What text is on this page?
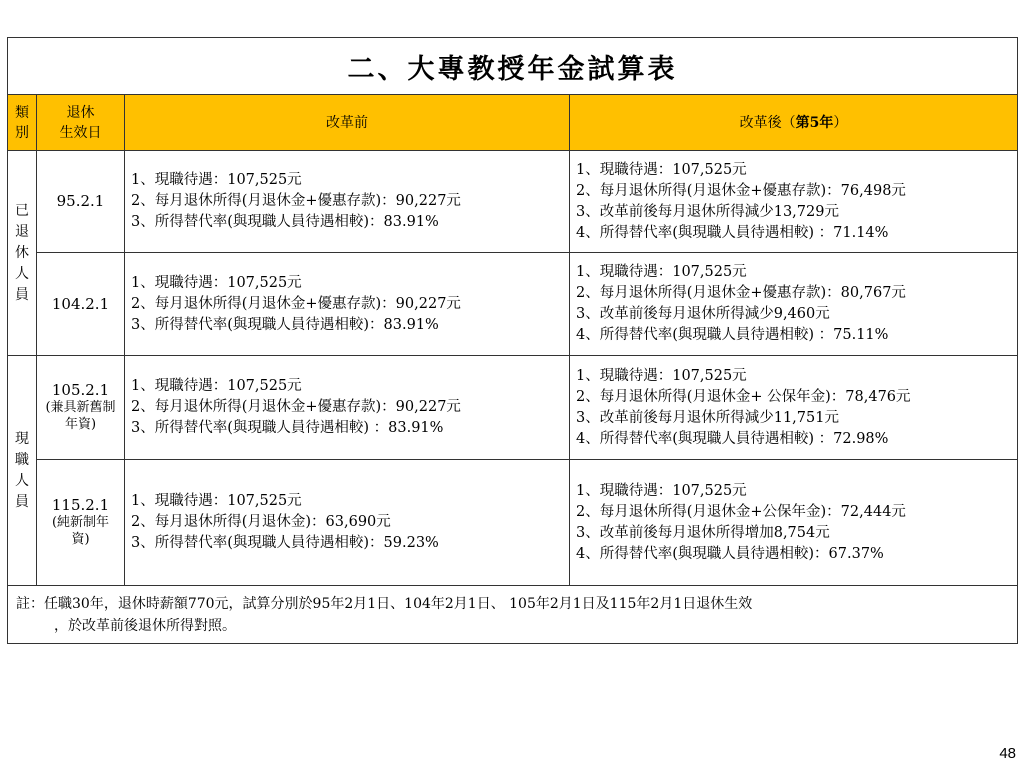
二、大專教授年金試算表			

類
別	退休
生效日	改革前	改革後（第5年）

已
退
休
人
員	95.2.1	1、現職待遇：107,525元
2、每月退休所得(月退休金+優惠存款)：90,227元
3、所得替代率(與現職人員待遇相較)：83.91%	1、現職待遇：107,525元
2、每月退休所得(月退休金+優惠存款)：76,498元
3、改革前後每月退休所得減少13,729元
4、所得替代率(與現職人員待遇相較) ：71.14%

	104.2.1	1、現職待遇：107,525元
2、每月退休所得(月退休金+優惠存款)：90,227元
3、所得替代率(與現職人員待遇相較)：83.91%	1、現職待遇：107,525元
2、每月退休所得(月退休金+優惠存款)：80,767元
3、改革前後每月退休所得減少9,460元
4、所得替代率(與現職人員待遇相較) ：75.11%

現
職
人
員	105.2.1
(兼具新舊制年資)	1、現職待遇：107,525元
2、每月退休所得(月退休金+優惠存款)：90,227元
3、所得替代率(與現職人員待遇相較) ：83.91%	1、現職待遇：107,525元
2、每月退休所得(月退休金+ 公保年金)：78,476元
3、改革前後每月退休所得減少11,751元
4、所得替代率(與現職人員待遇相較) ：72.98%

	115.2.1
(純新制年資)	1、現職待遇：107,525元
2、每月退休所得(月退休金)：63,690元
3、所得替代率(與現職人員待遇相較)：59.23%	1、現職待遇：107,525元
2、每月退休所得(月退休金+公保年金)：72,444元
3、改革前後每月退休所得增加8,754元
4、所得替代率(與現職人員待遇相較)：67.37%

註：任職30年，退休時薪額770元，試算分別於95年2月1日、104年2月1日、 105年2月1日及115年2月1日退休生效
，於改革前後退休所得對照。			
48
